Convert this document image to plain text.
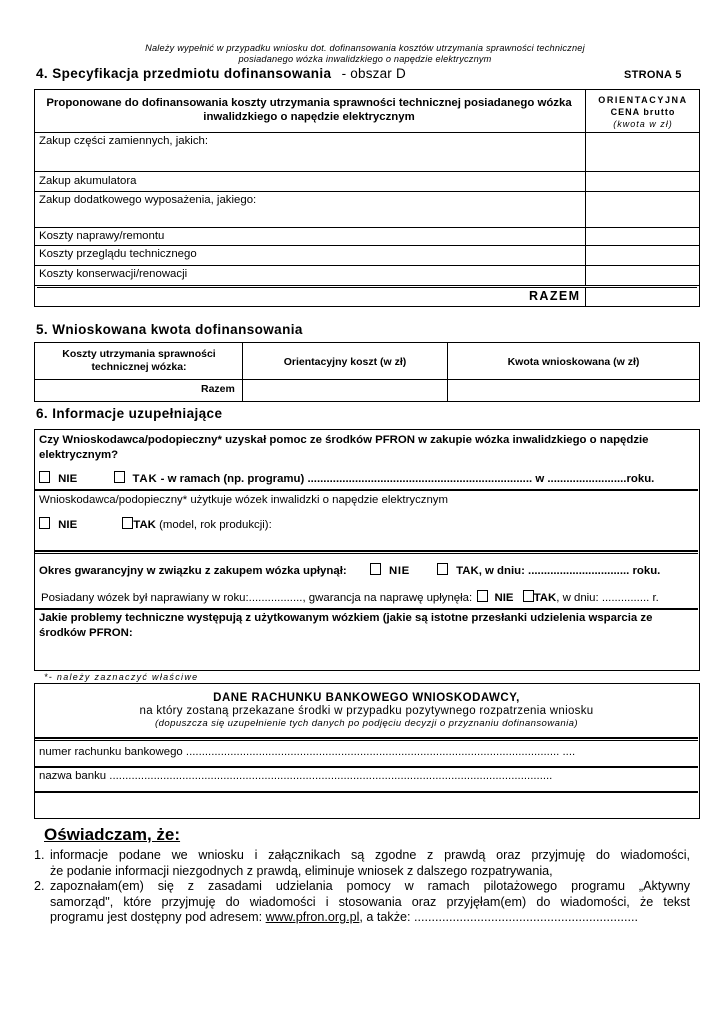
Należy wypełnić w przypadku wniosku dot. dofinansowania kosztów utrzymania sprawności technicznej
posiadanego wózka inwalidzkiego o napędzie elektrycznym
4. Specyfikacja przedmiotu dofinansowania - obszar D	STRONA 5
Proponowane do dofinansowania koszty utrzymania sprawności technicznej posiadanego wózka inwalidzkiego o napędzie elektrycznym
ORIENTACYJNA
CENA brutto
(kwota w zł)
Zakup części zamiennych, jakich:
Zakup akumulatora
Zakup dodatkowego wyposażenia, jakiego:
Koszty naprawy/remontu
Koszty przeglądu technicznego
Koszty konserwacji/renowacji
RAZEM
5. Wnioskowana kwota dofinansowania
Koszty utrzymania sprawności technicznej wózka:	Orientacyjny koszt (w zł)	Kwota wnioskowana (w zł)
Razem
6. Informacje uzupełniające
Czy Wnioskodawca/podopieczny* uzyskał pomoc ze środków PFRON w zakupie wózka inwalidzkiego o napędzie elektrycznym?
NIE	TAK - w ramach (np. programu) ....................................................................... w .........................roku.
Wnioskodawca/podopieczny* użytkuje wózek inwalidzki o napędzie elektrycznym
NIE	TAK (model, rok produkcji):
Okres gwarancyjny w związku z zakupem wózka upłynął:	NIE	TAK, w dniu: ................................ roku.
Posiadany wózek był naprawiany w roku:................., gwarancja na naprawę upłynęła: NIE TAK, w dniu: ............... r.
Jakie problemy techniczne występują z użytkowanym wózkiem (jakie są istotne przesłanki udzielenia wsparcia ze środków PFRON:
*- należy zaznaczyć właściwe
DANE RACHUNKU BANKOWEGO WNIOSKODAWCY,
na który zostaną przekazane środki w przypadku pozytywnego rozpatrzenia wniosku
(dopuszcza się uzupełnienie tych danych po podjęciu decyzji o przyznaniu dofinansowania)
numer rachunku bankowego ...................................................................................................................... ....
nazwa banku ............................................................................................................................................
Oświadczam, że:
1. informacje podane we wniosku i załącznikach są zgodne z prawdą oraz przyjmuję do wiadomości,
że podanie informacji niezgodnych z prawdą, eliminuje wniosek z dalszego rozpatrywania,
2. zapoznałam(em) się z zasadami udzielania pomocy w ramach pilotażowego programu „Aktywny
samorząd", które przyjmuję do wiadomości i stosowania oraz przyjęłam(em) do wiadomości, że tekst
programu jest dostępny pod adresem: www.pfron.org.pl, a także: ................................................................
